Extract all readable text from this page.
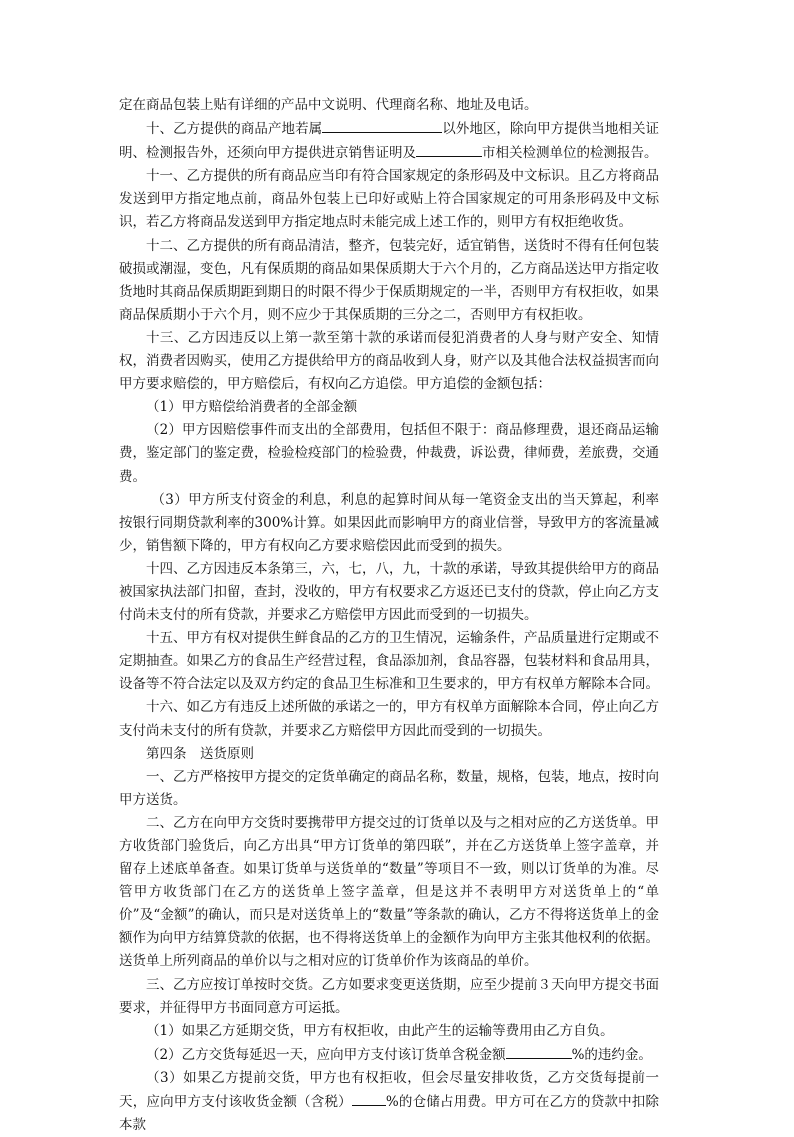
定在商品包装上贴有详细的产品中文说明、代理商名称、地址及电话。

十、乙方提供的商品产地若属	以外地区，除向甲方提供当地相关证明、检测报告外，还须向甲方提供进京销售证明及	市相关检测单位的检测报告。

十一、乙方提供的所有商品应当印有符合国家规定的条形码及中文标识。且乙方将商品发送到甲方指定地点前，商品外包装上已印好或贴上符合国家规定的可用条形码及中文标识，若乙方将商品发送到甲方指定地点时未能完成上述工作的，则甲方有权拒绝收货。

十二、乙方提供的所有商品清洁，整齐，包装完好，适宜销售，送货时不得有任何包装破损或潮湿，变色，凡有保质期的商品如果保质期大于六个月的，乙方商品送达甲方指定收货地时其商品保质期距到期日的时限不得少于保质期规定的一半，否则甲方有权拒收，如果商品保质期小于六个月，则不应少于其保质期的三分之二，否则甲方有权拒收。

十三、乙方因违反以上第一款至第十款的承诺而侵犯消费者的人身与财产安全、知情权，消费者因购买，使用乙方提供给甲方的商品收到人身，财产以及其他合法权益损害而向甲方要求赔偿的，甲方赔偿后，有权向乙方追偿。甲方追偿的金额包括：

（1）甲方赔偿给消费者的全部金额

（2）甲方因赔偿事件而支出的全部费用，包括但不限于：商品修理费，退还商品运输费，鉴定部门的鉴定费，检验检疫部门的检验费，仲裁费，诉讼费，律师费，差旅费，交通费。

（3）甲方所支付资金的利息，利息的起算时间从每一笔资金支出的当天算起，利率按银行同期贷款利率的300%计算。如果因此而影响甲方的商业信誉，导致甲方的客流量减少，销售额下降的，甲方有权向乙方要求赔偿因此而受到的损失。

十四、乙方因违反本条第三，六，七，八，九，十款的承诺，导致其提供给甲方的商品被国家执法部门扣留，查封，没收的，甲方有权要求乙方返还已支付的贷款，停止向乙方支付尚未支付的所有贷款，并要求乙方赔偿甲方因此而受到的一切损失。

十五、甲方有权对提供生鲜食品的乙方的卫生情况，运输条件，产品质量进行定期或不定期抽查。如果乙方的食品生产经营过程，食品添加剂，食品容器，包装材料和食品用具，设备等不符合法定以及双方约定的食品卫生标准和卫生要求的，甲方有权单方解除本合同。

十六、如乙方有违反上述所做的承诺之一的，甲方有权单方面解除本合同，停止向乙方支付尚未支付的所有贷款，并要求乙方赔偿甲方因此而受到的一切损失。

第四条　送货原则

一、乙方严格按甲方提交的定货单确定的商品名称，数量，规格，包装，地点，按时向甲方送货。

二、乙方在向甲方交货时要携带甲方提交过的订货单以及与之相对应的乙方送货单。甲方收货部门验货后，向乙方出具“甲方订货单的第四联”，并在乙方送货单上签字盖章，并留存上述底单备查。如果订货单与送货单的“数量”等项目不一致，则以订货单的为准。尽管甲方收货部门在乙方的送货单上签字盖章，但是这并不表明甲方对送货单上的“单价”及“金额”的确认，而只是对送货单上的“数量”等条款的确认，乙方不得将送货单上的金额作为向甲方结算贷款的依据，也不得将送货单上的金额作为向甲方主张其他权利的依据。送货单上所列商品的单价以与之相对应的订货单价作为该商品的单价。

三、乙方应按订单按时交货。乙方如要求变更送货期，应至少提前３天向甲方提交书面要求，并征得甲方书面同意方可运抵。

（1）如果乙方延期交货，甲方有权拒收，由此产生的运输等费用由乙方自负。

（2）乙方交货每延迟一天，应向甲方支付该订货单含税金额	%的违约金。

（3）如果乙方提前交货，甲方也有权拒收，但会尽量安排收货，乙方交货每提前一天，应向甲方支付该收货金额（含税）	%的仓储占用费。甲方可在乙方的贷款中扣除本款
